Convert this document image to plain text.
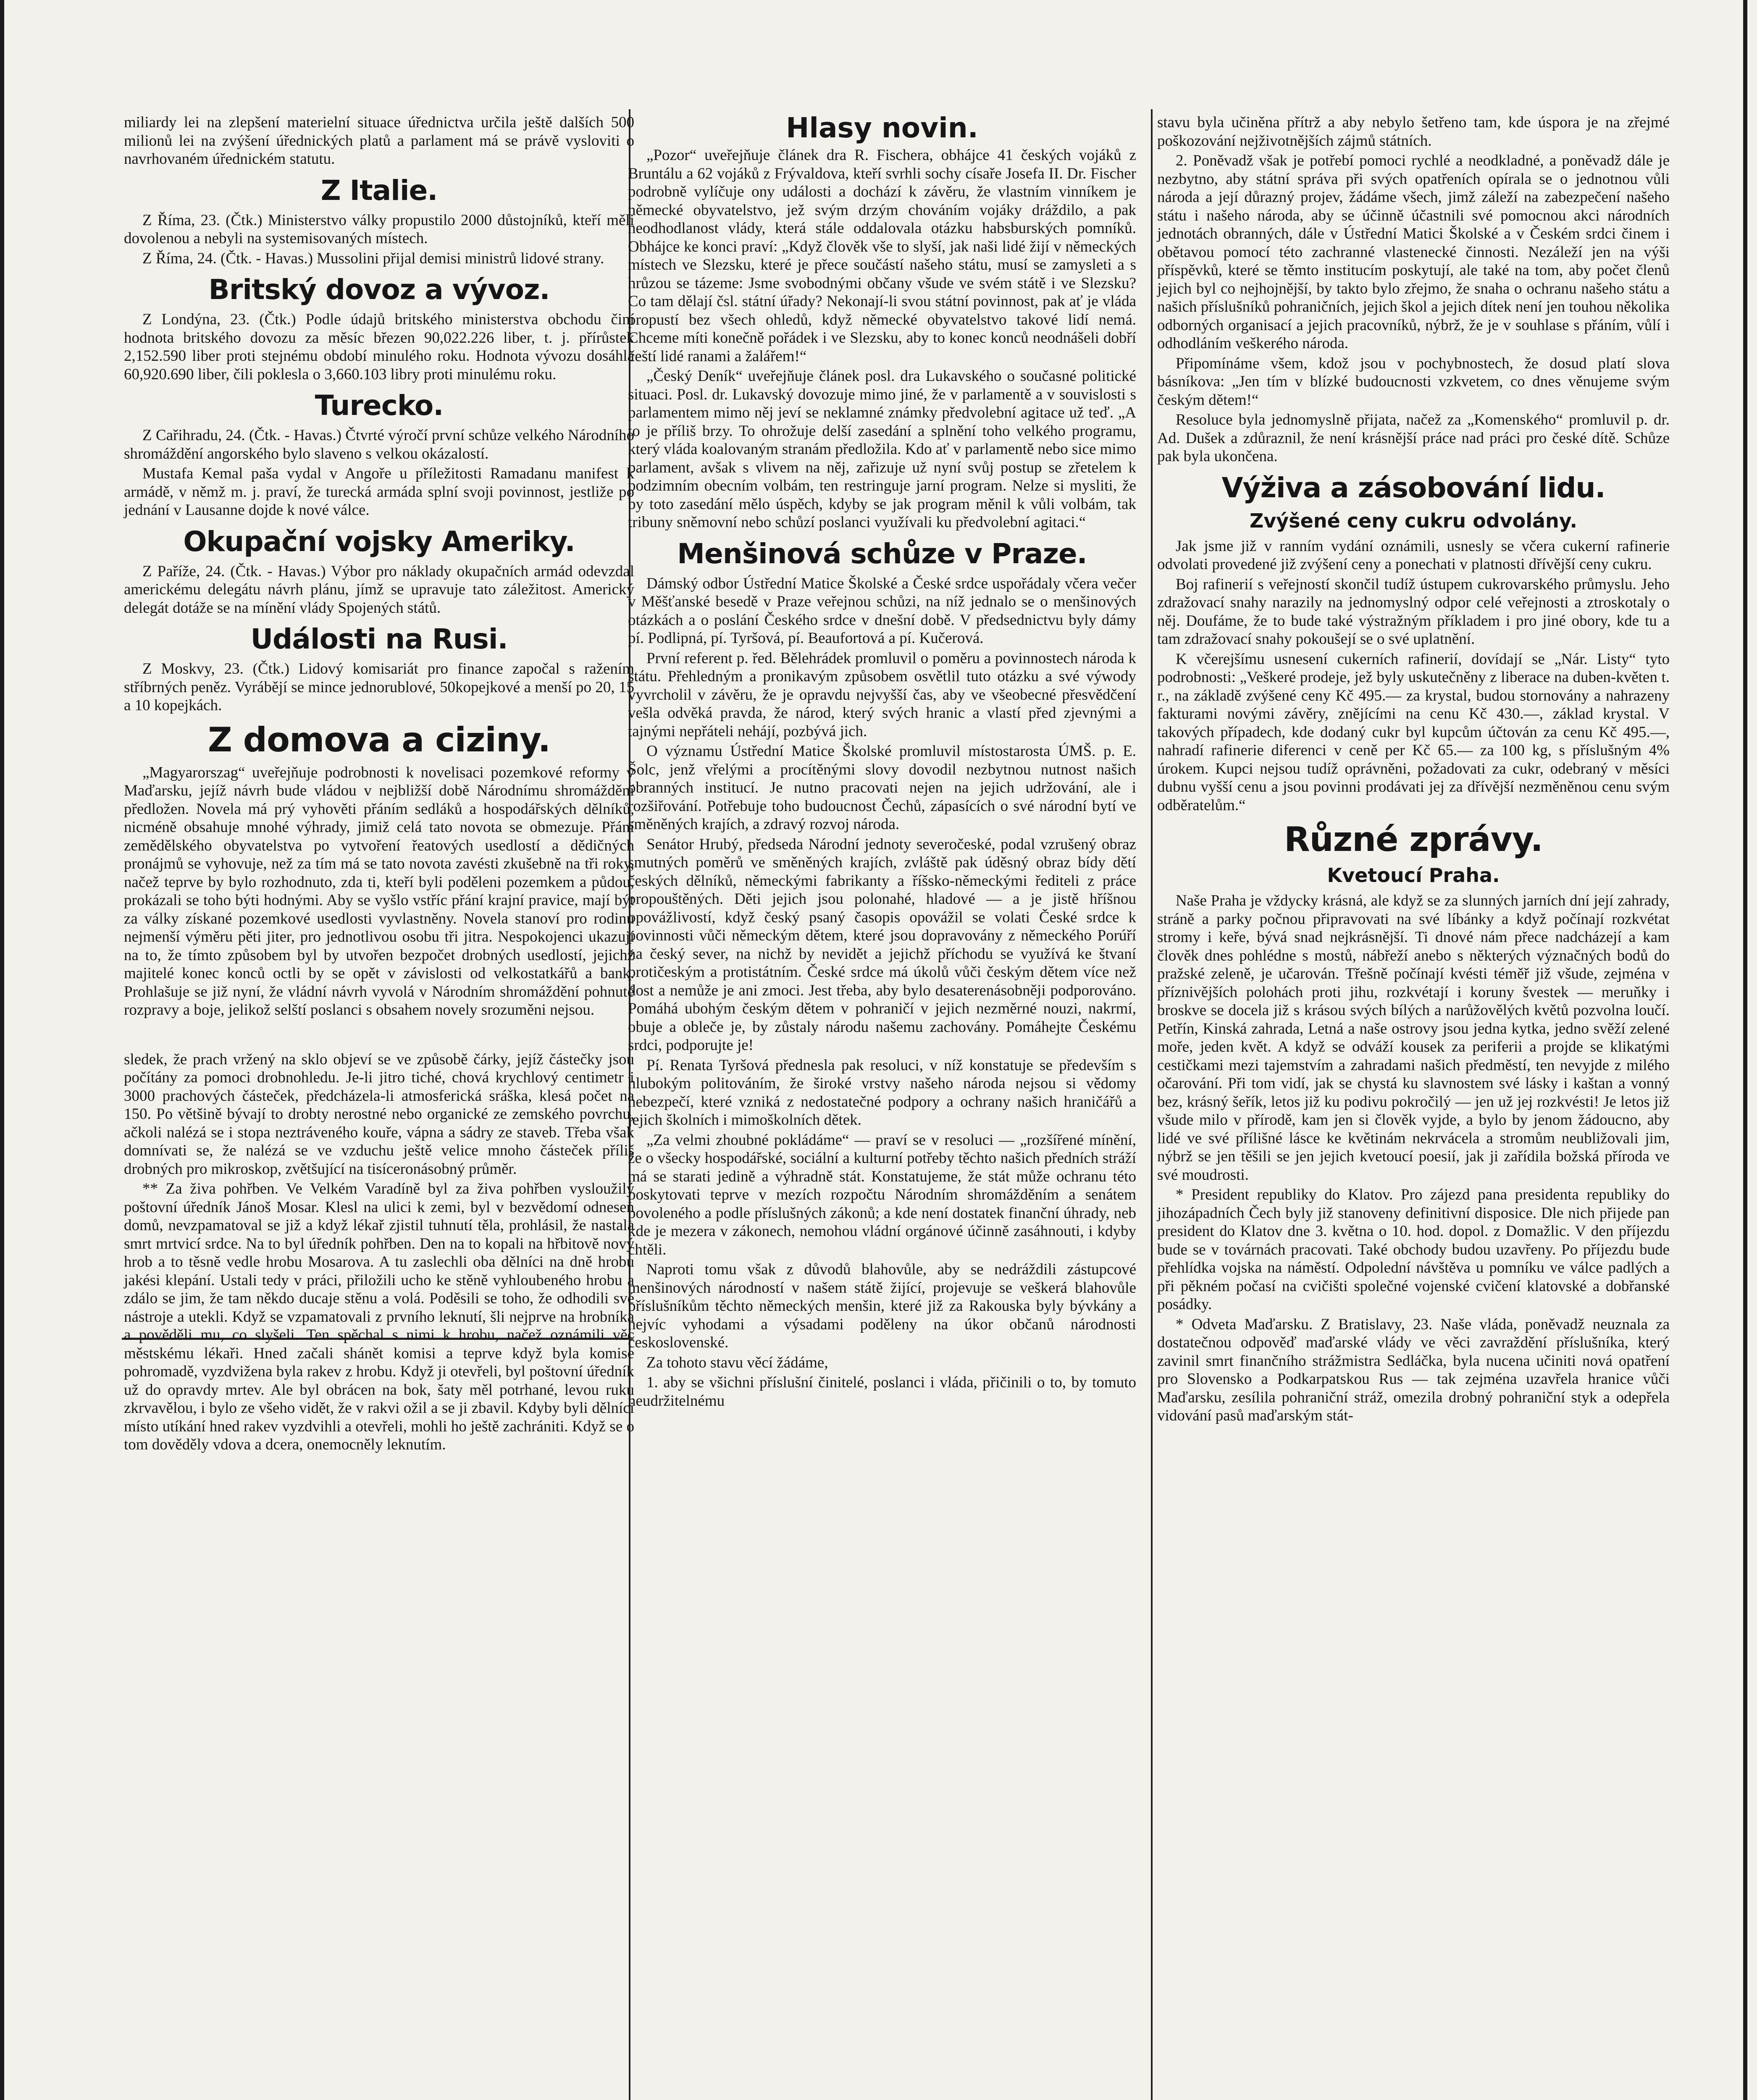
miliardy lei na zlepšení materielní situace úřednictva určila ještě dalších 500 milionů lei na zvýšení úřednických platů a parlament má se právě vysloviti o navrhovaném úřednickém statutu.

Z Italie.

Z Říma, 23. (Čtk.) Ministerstvo války propustilo 2000 důstojníků, kteří měli dovolenou a nebyli na systemisovaných místech.

Z Říma, 24. (Čtk. - Havas.) Mussolini přijal demisi ministrů lidové strany.

Britský dovoz a vývoz.

Z Londýna, 23. (Čtk.) Podle údajů britského ministerstva obchodu činí hodnota britského dovozu za měsíc březen 90,022.226 liber, t. j. přírůstek 2,152.590 liber proti stejnému období minulého roku. Hodnota vývozu dosáhla 60,920.690 liber, čili poklesla o 3,660.103 libry proti minulému roku.

Turecko.

Z Cařihradu, 24. (Čtk. - Havas.) Čtvrté výročí první schůze velkého Národního shromáždění angorského bylo slaveno s velkou okázalostí.

Mustafa Kemal paša vydal v Angoře u příležitosti Ramadanu manifest k armádě, v němž m. j. praví, že turecká armáda splní svoji povinnost, jestliže po jednání v Lausanne dojde k nové válce.

Okupační vojsky Ameriky.

Z Paříže, 24. (Čtk. - Havas.) Výbor pro náklady okupačních armád odevzdal americkému delegátu návrh plánu, jímž se upravuje tato záležitost. Americký delegát dotáže se na mínění vlády Spojených států.

Události na Rusi.

Z Moskvy, 23. (Čtk.) Lidový komisariát pro finance započal s ražením stříbrných peněz. Vyrábějí se mince jednorublové, 50kopejkové a menší po 20, 15 a 10 kopejkách.

Z domova a ciziny.

„Magyarorszag“ uveřejňuje podrobnosti k novelisaci pozemkové reformy v Maďarsku, jejíž návrh bude vládou v nejbližší době Národnímu shromáždění předložen. Novela má prý vyhověti přáním sedláků a hospodářských dělníků, nicméně obsahuje mnohé výhrady, jimiž celá tato novota se obmezuje. Přání zemědělského obyvatelstva po vytvoření řeatových usedlostí a dědičných pronájmů se vyhovuje, než za tím má se tato novota zavésti zkušebně na tři roky, načež teprve by bylo rozhodnuto, zda ti, kteří byli poděleni pozemkem a půdou, prokázali se toho býti hodnými. Aby se vyšlo vstříc přání krajní pravice, mají být za války získané pozemkové usedlosti vyvlastněny. Novela stanoví pro rodinu nejmenší výměru pěti jiter, pro jednotlivou osobu tři jitra. Nespokojenci ukazují na to, že tímto způsobem byl by utvořen bezpočet drobných usedlostí, jejichž majitelé konec konců octli by se opět v závislosti od velkostatkářů a bank. Prohlašuje se již nyní, že vládní návrh vyvolá v Národním shromáždění pohnuté rozpravy a boje, jelikož selští poslanci s obsahem novely srozuměni nejsou.

sledek, že prach vržený na sklo objeví se ve způsobě čárky, jejíž částečky jsou počítány za pomoci drobnohledu. Je-li jitro tiché, chová krychlový centimetr i 3000 prachových částeček, předcházela-li atmosferická sráška, klesá počet na 150. Po většině bývají to drobty nerostné nebo organické ze zemského povrchu, ačkoli nalézá se i stopa neztráveného kouře, vápna a sádry ze staveb. Třeba však domnívati se, že nalézá se ve vzduchu ještě velice mnoho částeček příliš drobných pro mikroskop, zvětšující na tisíceronásobný průměr.

** Za živa pohřben. Ve Velkém Varadíně byl za živa pohřben vysloužilý poštovní úředník Jánoš Mosar. Klesl na ulici k zemi, byl v bezvědomí odnesen domů, nevzpamatoval se již a když lékař zjistil tuhnutí těla, prohlásil, že nastala smrt mrtvicí srdce. Na to byl úředník pohřben. Den na to kopali na hřbitově nový hrob a to těsně vedle hrobu Mosarova. A tu zaslechli oba dělníci na dně hrobu jakési klepání. Ustali tedy v práci, přiložili ucho ke stěně vyhloubeného hrobu a zdálo se jim, že tam někdo ducaje stěnu a volá. Poděsili se toho, že odhodili své nástroje a utekli. Když se vzpamatovali z prvního leknutí, šli nejprve na hrobníka a pověděli mu, co slyšeli. Ten spěchal s nimi k hrobu, načež oznámili věc městskému lékaři. Hned začali shánět komisi a teprve když byla komise pohromadě, vyzdvižena byla rakev z hrobu. Když ji otevřeli, byl poštovní úředník už do opravdy mrtev. Ale byl obrácen na bok, šaty měl potrhané, levou ruku zkrvavělou, i bylo ze všeho vidět, že v rakvi ožil a se ji zbavil. Kdyby byli dělníci místo utíkání hned rakev vyzdvihli a otevřeli, mohli ho ještě zachrániti. Když se o tom dověděly vdova a dcera, onemocněly leknutím.

Hlasy novin.

„Pozor“ uveřejňuje článek dra R. Fischera, obhájce 41 českých vojáků z Bruntálu a 62 vojáků z Frývaldova, kteří svrhli sochy císaře Josefa II. Dr. Fischer podrobně vylíčuje ony události a dochází k závěru, že vlastním vinníkem je německé obyvatelstvo, jež svým drzým chováním vojáky dráždilo, a pak neodhodlanost vlády, která stále oddalovala otázku habsburských pomníků. Obhájce ke konci praví: „Když člověk vše to slyší, jak naši lidé žijí v německých místech ve Slezsku, které je přece součástí našeho státu, musí se zamysleti a s hrůzou se tázeme: Jsme svobodnými občany všude ve svém státě i ve Slezsku? Co tam dělají čsl. státní úřady? Nekonají-li svou státní povinnost, pak ať je vláda propustí bez všech ohledů, když německé obyvatelstvo takové lidí nemá. Chceme míti konečně pořádek i ve Slezsku, aby to konec konců neodnášeli dobří čeští lidé ranami a žalářem!“

„Český Deník“ uveřejňuje článek posl. dra Lukavského o současné politické situaci. Posl. dr. Lukavský dovozuje mimo jiné, že v parlamentě a v souvislosti s parlamentem mimo něj jeví se neklamné známky předvolební agitace už teď. „A to je příliš brzy. To ohrožuje delší zasedání a splnění toho velkého programu, který vláda koalovaným stranám předložila. Kdo ať v parlamentě nebo sice mimo parlament, avšak s vlivem na něj, zařizuje už nyní svůj postup se zřetelem k podzimním obecním volbám, ten restringuje jarní program. Nelze si mysliti, že by toto zasedání mělo úspěch, kdyby se jak program měnil k vůli volbám, tak tribuny sněmovní nebo schůzí poslanci využívali ku předvolební agitaci.“

Menšinová schůze v Praze.

Dámský odbor Ústřední Matice Školské a České srdce uspořádaly včera večer v Měšťanské besedě v Praze veřejnou schůzi, na níž jednalo se o menšinových otázkách a o poslání Českého srdce v dnešní době. V předsednictvu byly dámy pí. Podlipná, pí. Tyršová, pí. Beaufortová a pí. Kučerová.

První referent p. řed. Bělehrádek promluvil o poměru a povinnostech národa k státu. Přehledným a pronikavým způsobem osvětlil tuto otázku a své výwody vyvrcholil v závěru, že je opravdu nejvyšší čas, aby ve všeobecné přesvědčení vešla odvěká pravda, že národ, který svých hranic a vlastí před zjevnými a tajnými nepřáteli nehájí, pozbývá jich.

O významu Ústřední Matice Školské promluvil místostarosta ÚMŠ. p. E. Šolc, jenž vřelými a procítěnými slovy dovodil nezbytnou nutnost našich obranných institucí. Je nutno pracovati nejen na jejich udržování, ale i rozšiřování. Potřebuje toho budoucnost Čechů, zápasících o své národní bytí ve směněných krajích, a zdravý rozvoj národa.

Senátor Hrubý, předseda Národní jednoty severočeské, podal vzrušený obraz smutných poměrů ve směněných krajích, zvláště pak úděsný obraz bídy dětí českých dělníků, německými fabrikanty a říšsko-německými řediteli z práce propouštěných. Děti jejich jsou polonahé, hladové — a je jistě hříšnou opovážlivostí, když český psaný časopis opovážil se volati České srdce k povinnosti vůči německým dětem, které jsou dopravovány z německého Porúří na český sever, na nichž by nevidět a jejichž příchodu se využívá ke štvaní protičeským a protistátním. České srdce má úkolů vůči českým dětem více než dost a nemůže je ani zmoci. Jest třeba, aby bylo desaterenásobněji podporováno. Pomáhá ubohým českým dětem v pohraničí v jejich nezměrné nouzi, nakrmí, obuje a obleče je, by zůstaly národu našemu zachovány. Pomáhejte Českému srdci, podporujte je!

Pí. Renata Tyršová přednesla pak resoluci, v níž konstatuje se především s hlubokým politováním, že široké vrstvy našeho národa nejsou si vědomy nebezpečí, které vzniká z nedostatečné podpory a ochrany našich hraničářů a jejich školních i mimoškolních dětek.

„Za velmi zhoubné pokládáme“ — praví se v resoluci — „rozšířené mínění, že o všecky hospodářské, sociální a kulturní potřeby těchto našich předních stráží má se starati jedině a výhradně stát. Konstatujeme, že stát může ochranu této poskytovati teprve v mezích rozpočtu Národním shromážděním a senátem povoleného a podle příslušných zákonů; a kde není dostatek finanční úhrady, neb kde je mezera v zákonech, nemohou vládní orgánové účinně zasáhnouti, i kdyby chtěli.

Naproti tomu však z důvodů blahovůle, aby se nedráždili zástupcové menšinových národností v našem státě žijící, projevuje se veškerá blahovůle příslušníkům těchto německých menšin, které již za Rakouska byly bývkány a nejvíc vyhodami a výsadami poděleny na úkor občanů národnosti československé.

Za tohoto stavu věcí žádáme,

1. aby se všichni příslušní činitelé, poslanci i vláda, přičinili o to, by tomuto neudržitelnému

stavu byla učiněna přítrž a aby nebylo šetřeno tam, kde úspora je na zřejmé poškozování nejživotnějších zájmů státních.

2. Poněvadž však je potřebí pomoci rychlé a neodkladné, a poněvadž dále je nezbytno, aby státní správa při svých opatřeních opírala se o jednotnou vůli národa a její důrazný projev, žádáme všech, jimž záleží na zabezpečení našeho státu i našeho národa, aby se účinně účastnili své pomocnou akci národních jednotách obranných, dále v Ústřední Matici Školské a v Českém srdci činem i obětavou pomocí této zachranné vlastenecké činnosti. Nezáleží jen na výši příspěvků, které se těmto institucím poskytují, ale také na tom, aby počet členů jejich byl co nejhojnější, by takto bylo zřejmo, že snaha o ochranu našeho státu a našich příslušníků pohraničních, jejich škol a jejich dítek není jen touhou několika odborných organisací a jejich pracovníků, nýbrž, že je v souhlase s přáním, vůlí i odhodláním veškerého národa.

Připomínáme všem, kdož jsou v pochybnostech, že dosud platí slova básníkova: „Jen tím v blízké budoucnosti vzkvetem, co dnes věnujeme svým českým dětem!“

Resoluce byla jednomyslně přijata, načež za „Komenského“ promluvil p. dr. Ad. Dušek a zdůraznil, že není krásnější práce nad práci pro české dítě. Schůze pak byla ukončena.

Výživa a zásobování lidu.
Zvýšené ceny cukru odvolány.

Jak jsme již v ranním vydání oznámili, usnesly se včera cukerní rafinerie odvolati provedené již zvýšení ceny a ponechati v platnosti dřívější ceny cukru.

Boj rafinerií s veřejností skončil tudíž ústupem cukrovarského průmyslu. Jeho zdražovací snahy narazily na jednomyslný odpor celé veřejnosti a ztroskotaly o něj. Doufáme, že to bude také výstražným příkladem i pro jiné obory, kde tu a tam zdražovací snahy pokoušejí se o své uplatnění.

K včerejšímu usnesení cukerních rafinerií, dovídají se „Nár. Listy“ tyto podrobnosti: „Veškeré prodeje, jež byly uskutečněny z liberace na duben-květen t. r., na základě zvýšené ceny Kč 495.— za krystal, budou stornovány a nahrazeny fakturami novými závěry, znějícími na cenu Kč 430.—, základ krystal. V takových případech, kde dodaný cukr byl kupcům účtován za cenu Kč 495.—, nahradí rafinerie diferenci v ceně per Kč 65.— za 100 kg, s příslušným 4% úrokem. Kupci nejsou tudíž oprávněni, požadovati za cukr, odebraný v měsíci dubnu vyšší cenu a jsou povinni prodávati jej za dřívější nezměněnou cenu svým odběratelům.“

Různé zprávy.
Kvetoucí Praha.

Naše Praha je vždycky krásná, ale když se za slunných jarních dní její zahrady, stráně a parky počnou připravovati na své líbánky a když počínají rozkvétat stromy i keře, bývá snad nejkrásnější. Ti dnové nám přece nadcházejí a kam člověk dnes pohlédne s mostů, nábřeží anebo s některých význačných bodů do pražské zeleně, je učarován. Třešně počínají kvésti téměř již všude, zejména v příznivějších polohách proti jihu, rozkvétají i koruny švestek — meruňky i broskve se docela již s krásou svých bílých a narůžovělých květů pozvolna loučí. Petřín, Kinská zahrada, Letná a naše ostrovy jsou jedna kytka, jedno svěží zelené moře, jeden květ. A když se odváží kousek za periferii a projde se klikatými cestičkami mezi tajemstvím a zahradami našich předměstí, ten nevyjde z milého očarování. Při tom vidí, jak se chystá ku slavnostem své lásky i kaštan a vonný bez, krásný šeřík, letos již ku podivu pokročilý — jen už jej rozkvésti! Je letos již všude milo v přírodě, kam jen si člověk vyjde, a bylo by jenom žádoucno, aby lidé ve své přílišné lásce ke květinám nekrvácela a stromům neubližovali jim, nýbrž se jen těšili se jen jejich kvetoucí poesií, jak ji zařídila božská příroda ve své moudrosti.

* President republiky do Klatov. Pro zájezd pana presidenta republiky do jihozápadních Čech byly již stanoveny definitivní disposice. Dle nich přijede pan president do Klatov dne 3. května o 10. hod. dopol. z Domažlic. V den příjezdu bude se v továrnách pracovati. Také obchody budou uzavřeny. Po příjezdu bude přehlídka vojska na náměstí. Odpolední návštěva u pomníku ve válce padlých a při pěkném počasí na cvičišti společné vojenské cvičení klatovské a dobřanské posádky.

* Odveta Maďarsku. Z Bratislavy, 23. Naše vláda, poněvadž neuznala za dostatečnou odpověď maďarské vlády ve věci zavraždění příslušníka, který zavinil smrt finančního strážmistra Sedláčka, byla nucena učiniti nová opatření pro Slovensko a Podkarpatskou Rus — tak zejména uzavřela hranice vůči Maďarsku, zesílila pohraniční stráž, omezila drobný pohraniční styk a odepřela vidování pasů maďarským stát-
